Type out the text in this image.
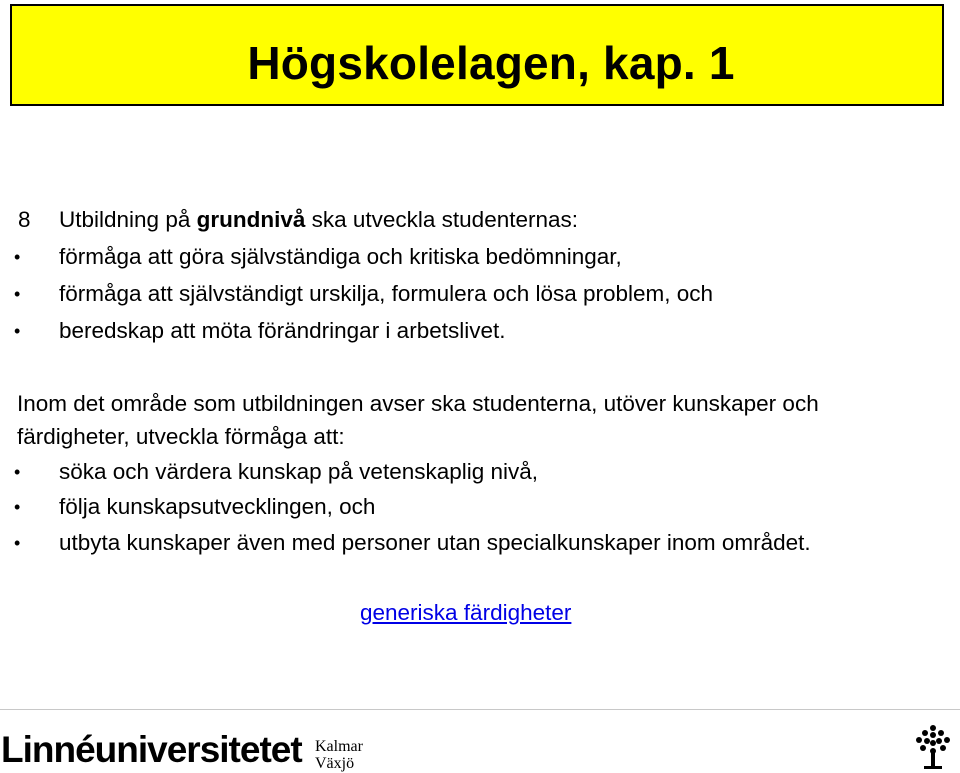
Högskolelagen, kap. 1
8 Utbildning på grundnivå ska utveckla studenternas:
• förmåga att göra självständiga och kritiska bedömningar,
• förmåga att självständigt urskilja, formulera och lösa problem, och
• beredskap att möta förändringar i arbetslivet.
Inom det område som utbildningen avser ska studenterna, utöver kunskaper och
färdigheter, utveckla förmåga att:
• söka och värdera kunskap på vetenskaplig nivå,
• följa kunskapsutvecklingen, och
• utbyta kunskaper även med personer utan specialkunskaper inom området.
generiska färdigheter
Linnéuniversitetet Kalmar
Växjö
